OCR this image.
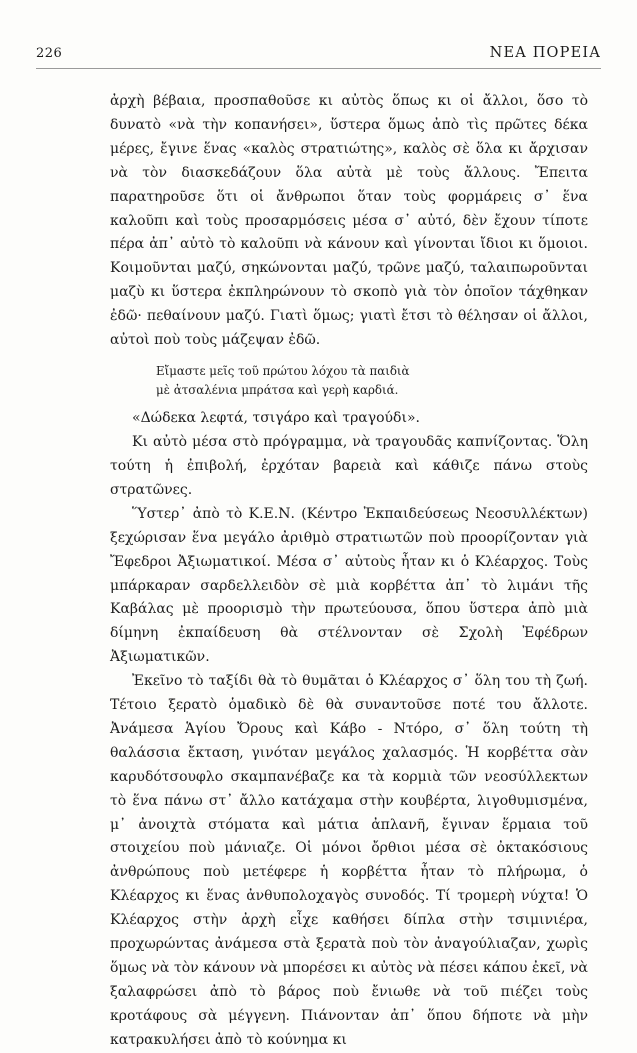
226	ΝΕΑ ΠΟΡΕΙΑ

ἀρχὴ βέβαια, προσπαθοῦσε κι αὐτὸς ὅπως κι οἱ ἄλλοι, ὅσο τὸ δυνατὸ «νὰ τὴν κοπανήσει», ὕστερα ὅμως ἀπὸ τὶς πρῶτες δέκα μέρες, ἔγινε ἕνας «καλὸς στρατιώτης», καλὸς σὲ ὅλα κι ἄρχισαν νὰ τὸν διασκεδάζουν ὅλα αὐτὰ μὲ τοὺς ἄλλους. Ἔπειτα παρατηροῦσε ὅτι οἱ ἄνθρωποι ὅταν τοὺς φορμάρεις σ᾿ ἕνα καλοῦπι καὶ τοὺς προσαρμόσεις μέσα σ᾿ αὐτό, δὲν ἔχουν τίποτε πέρα ἀπ᾿ αὐτὸ τὸ καλοῦπι νὰ κάνουν καὶ γίνονται ἴδιοι κι ὅμοιοι. Κοιμοῦνται μαζύ, σηκώνονται μαζύ, τρῶνε μαζύ, ταλαιπωροῦνται μαζὺ κι ὕστερα ἐκπληρώνουν τὸ σκοπὸ γιὰ τὸν ὁποῖον τάχθηκαν ἐδῶ· πεθαίνουν μαζύ. Γιατὶ ὅμως; γιατὶ ἔτσι τὸ θέλησαν οἱ ἄλλοι, αὐτοὶ ποὺ τοὺς μάζεψαν ἐδῶ.

Εἴμαστε μεῖς τοῦ πρώτου λόχου τὰ παιδιὰ
μὲ ἀτσαλένια μπράτσα καὶ γερὴ καρδιά.

«Δώδεκα λεφτά, τσιγάρο καὶ τραγούδι».

Κι αὐτὸ μέσα στὸ πρόγραμμα, νὰ τραγουδᾶς καπνίζοντας. Ὅλη τούτη ἡ ἐπιβολή, ἐρχόταν βαρειὰ καὶ κάθιζε πάνω στοὺς στρατῶνες.

Ὕστερ᾿ ἀπὸ τὸ Κ.Ε.Ν. (Κέντρο Ἐκπαιδεύσεως Νεοσυλλέκτων) ξεχώρισαν ἕνα μεγάλο ἀριθμὸ στρατιωτῶν ποὺ προορίζονταν γιὰ Ἔφεδροι Ἀξιωματικοί. Μέσα σ᾿ αὐτοὺς ἦταν κι ὁ Κλέαρχος. Τοὺς μπάρκαραν σαρδελλειδὸν σὲ μιὰ κορβέττα ἀπ᾿ τὸ λιμάνι τῆς Καβάλας μὲ προορισμὸ τὴν πρωτεύουσα, ὅπου ὕστερα ἀπὸ μιὰ δίμηνη ἐκπαίδευση θὰ στέλνονταν σὲ Σχολὴ Ἐφέδρων Ἀξιωματικῶν.

Ἐκεῖνο τὸ ταξίδι θὰ τὸ θυμᾶται ὁ Κλέαρχος σ᾿ ὅλη του τὴ ζωή. Τέτοιο ξερατὸ ὁμαδικὸ δὲ θὰ συναντοῦσε ποτέ του ἄλλοτε. Ἀνάμεσα Ἁγίου Ὄρους καὶ Κάβο - Ντόρο, σ᾿ ὅλη τούτη τὴ θαλάσσια ἔκταση, γινόταν μεγάλος χαλασμός. Ἡ κορβέττα σὰν καρυδότσουφλο σκαμπανέβαζε κα τὰ κορμιὰ τῶν νεοσύλλεκτων τὸ ἕνα πάνω στ᾿ ἄλλο κατάχαμα στὴν κουβέρτα, λιγοθυμισμένα, μ᾿ ἀνοιχτὰ στόματα καὶ μάτια ἀπλανῆ, ἔγιναν ἕρμαια τοῦ στοιχείου ποὺ μάνιαζε. Οἱ μόνοι ὄρθιοι μέσα σὲ ὀκτακόσιους ἀνθρώπους ποὺ μετέφερε ἡ κορβέττα ἦταν τὸ πλήρωμα, ὁ Κλέαρχος κι ἕνας ἀνθυπολοχαγὸς συνοδός. Τί τρομερὴ νύχτα! Ὁ Κλέαρχος στὴν ἀρχὴ εἶχε καθήσει δίπλα στὴν τσιμινιέρα, προχωρώντας ἀνάμεσα στὰ ξερατὰ ποὺ τὸν ἀναγούλιαζαν, χωρὶς ὅμως νὰ τὸν κάνουν νὰ μπορέσει κι αὐτὸς νὰ πέσει κάπου ἐκεῖ, νὰ ξαλαφρώσει ἀπὸ τὸ βάρος ποὺ ἔνιωθε νὰ τοῦ πιέζει τοὺς κροτάφους σὰ μέγγενη. Πιάνονταν ἀπ᾿ ὅπου δήποτε νὰ μὴν κατρακυλήσει ἀπὸ τὸ κούνημα κι
